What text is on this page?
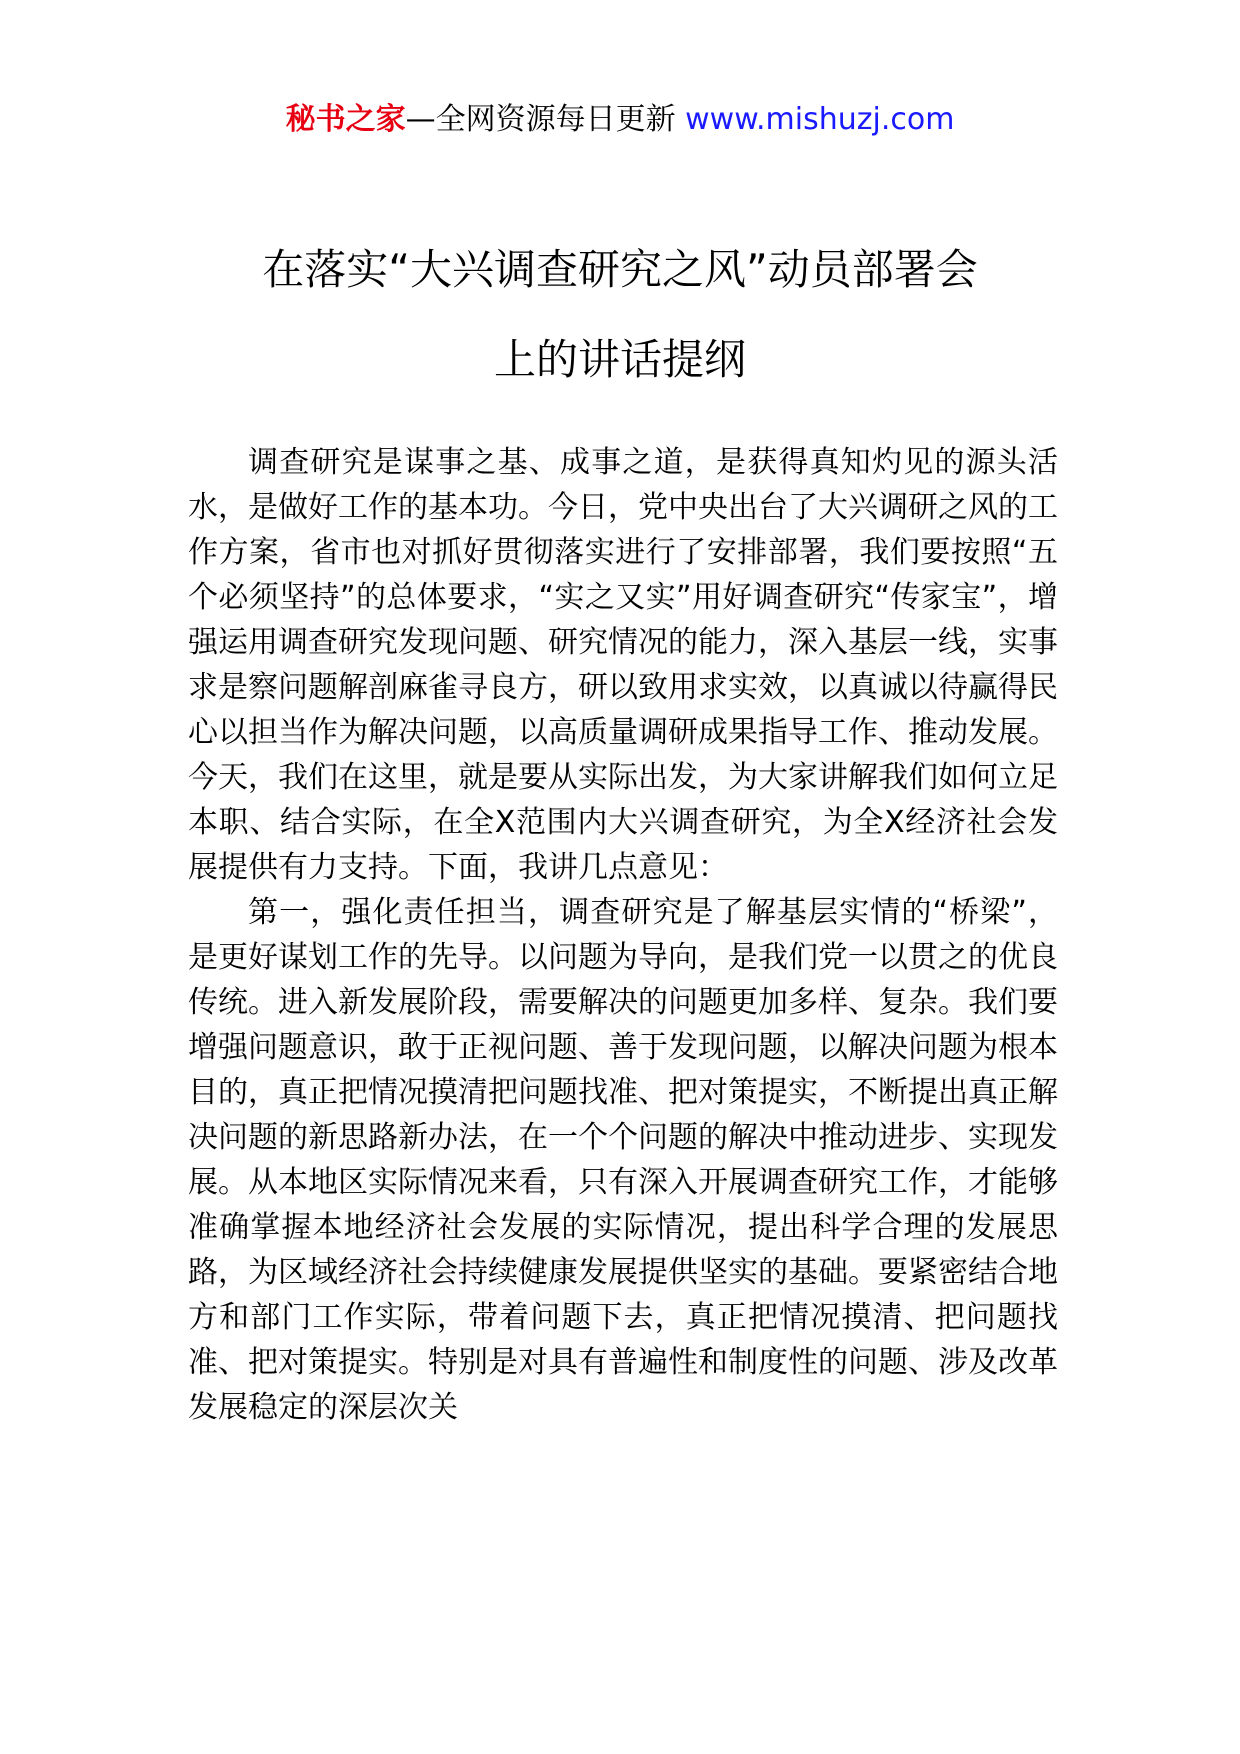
秘书之家—全网资源每日更新 www.mishuzj.com
在落实“大兴调查研究之风”动员部署会
上的讲话提纲

调查研究是谋事之基、成事之道，是获得真知灼见的源头活水，是做好工作的基本功。今日，党中央出台了大兴调研之风的工作方案，省市也对抓好贯彻落实进行了安排部署，我们要按照“五个必须坚持”的总体要求，“实之又实”用好调查研究“传家宝”，增强运用调查研究发现问题、研究情况的能力，深入基层一线，实事求是察问题解剖麻雀寻良方，研以致用求实效，以真诚以待赢得民心以担当作为解决问题，以高质量调研成果指导工作、推动发展。今天，我们在这里，就是要从实际出发，为大家讲解我们如何立足本职、结合实际，在全X范围内大兴调查研究，为全X经济社会发展提供有力支持。下面，我讲几点意见：

第一，强化责任担当，调查研究是了解基层实情的“桥梁”，是更好谋划工作的先导。以问题为导向，是我们党一以贯之的优良传统。进入新发展阶段，需要解决的问题更加多样、复杂。我们要增强问题意识，敢于正视问题、善于发现问题，以解决问题为根本目的，真正把情况摸清把问题找准、把对策提实，不断提出真正解决问题的新思路新办法，在一个个问题的解决中推动进步、实现发展。从本地区实际情况来看，只有深入开展调查研究工作，才能够准确掌握本地经济社会发展的实际情况，提出科学合理的发展思路，为区域经济社会持续健康发展提供坚实的基础。要紧密结合地方和部门工作实际，带着问题下去，真正把情况摸清、把问题找准、把对策提实。特别是对具有普遍性和制度性的问题、涉及改革发展稳定的深层次关
